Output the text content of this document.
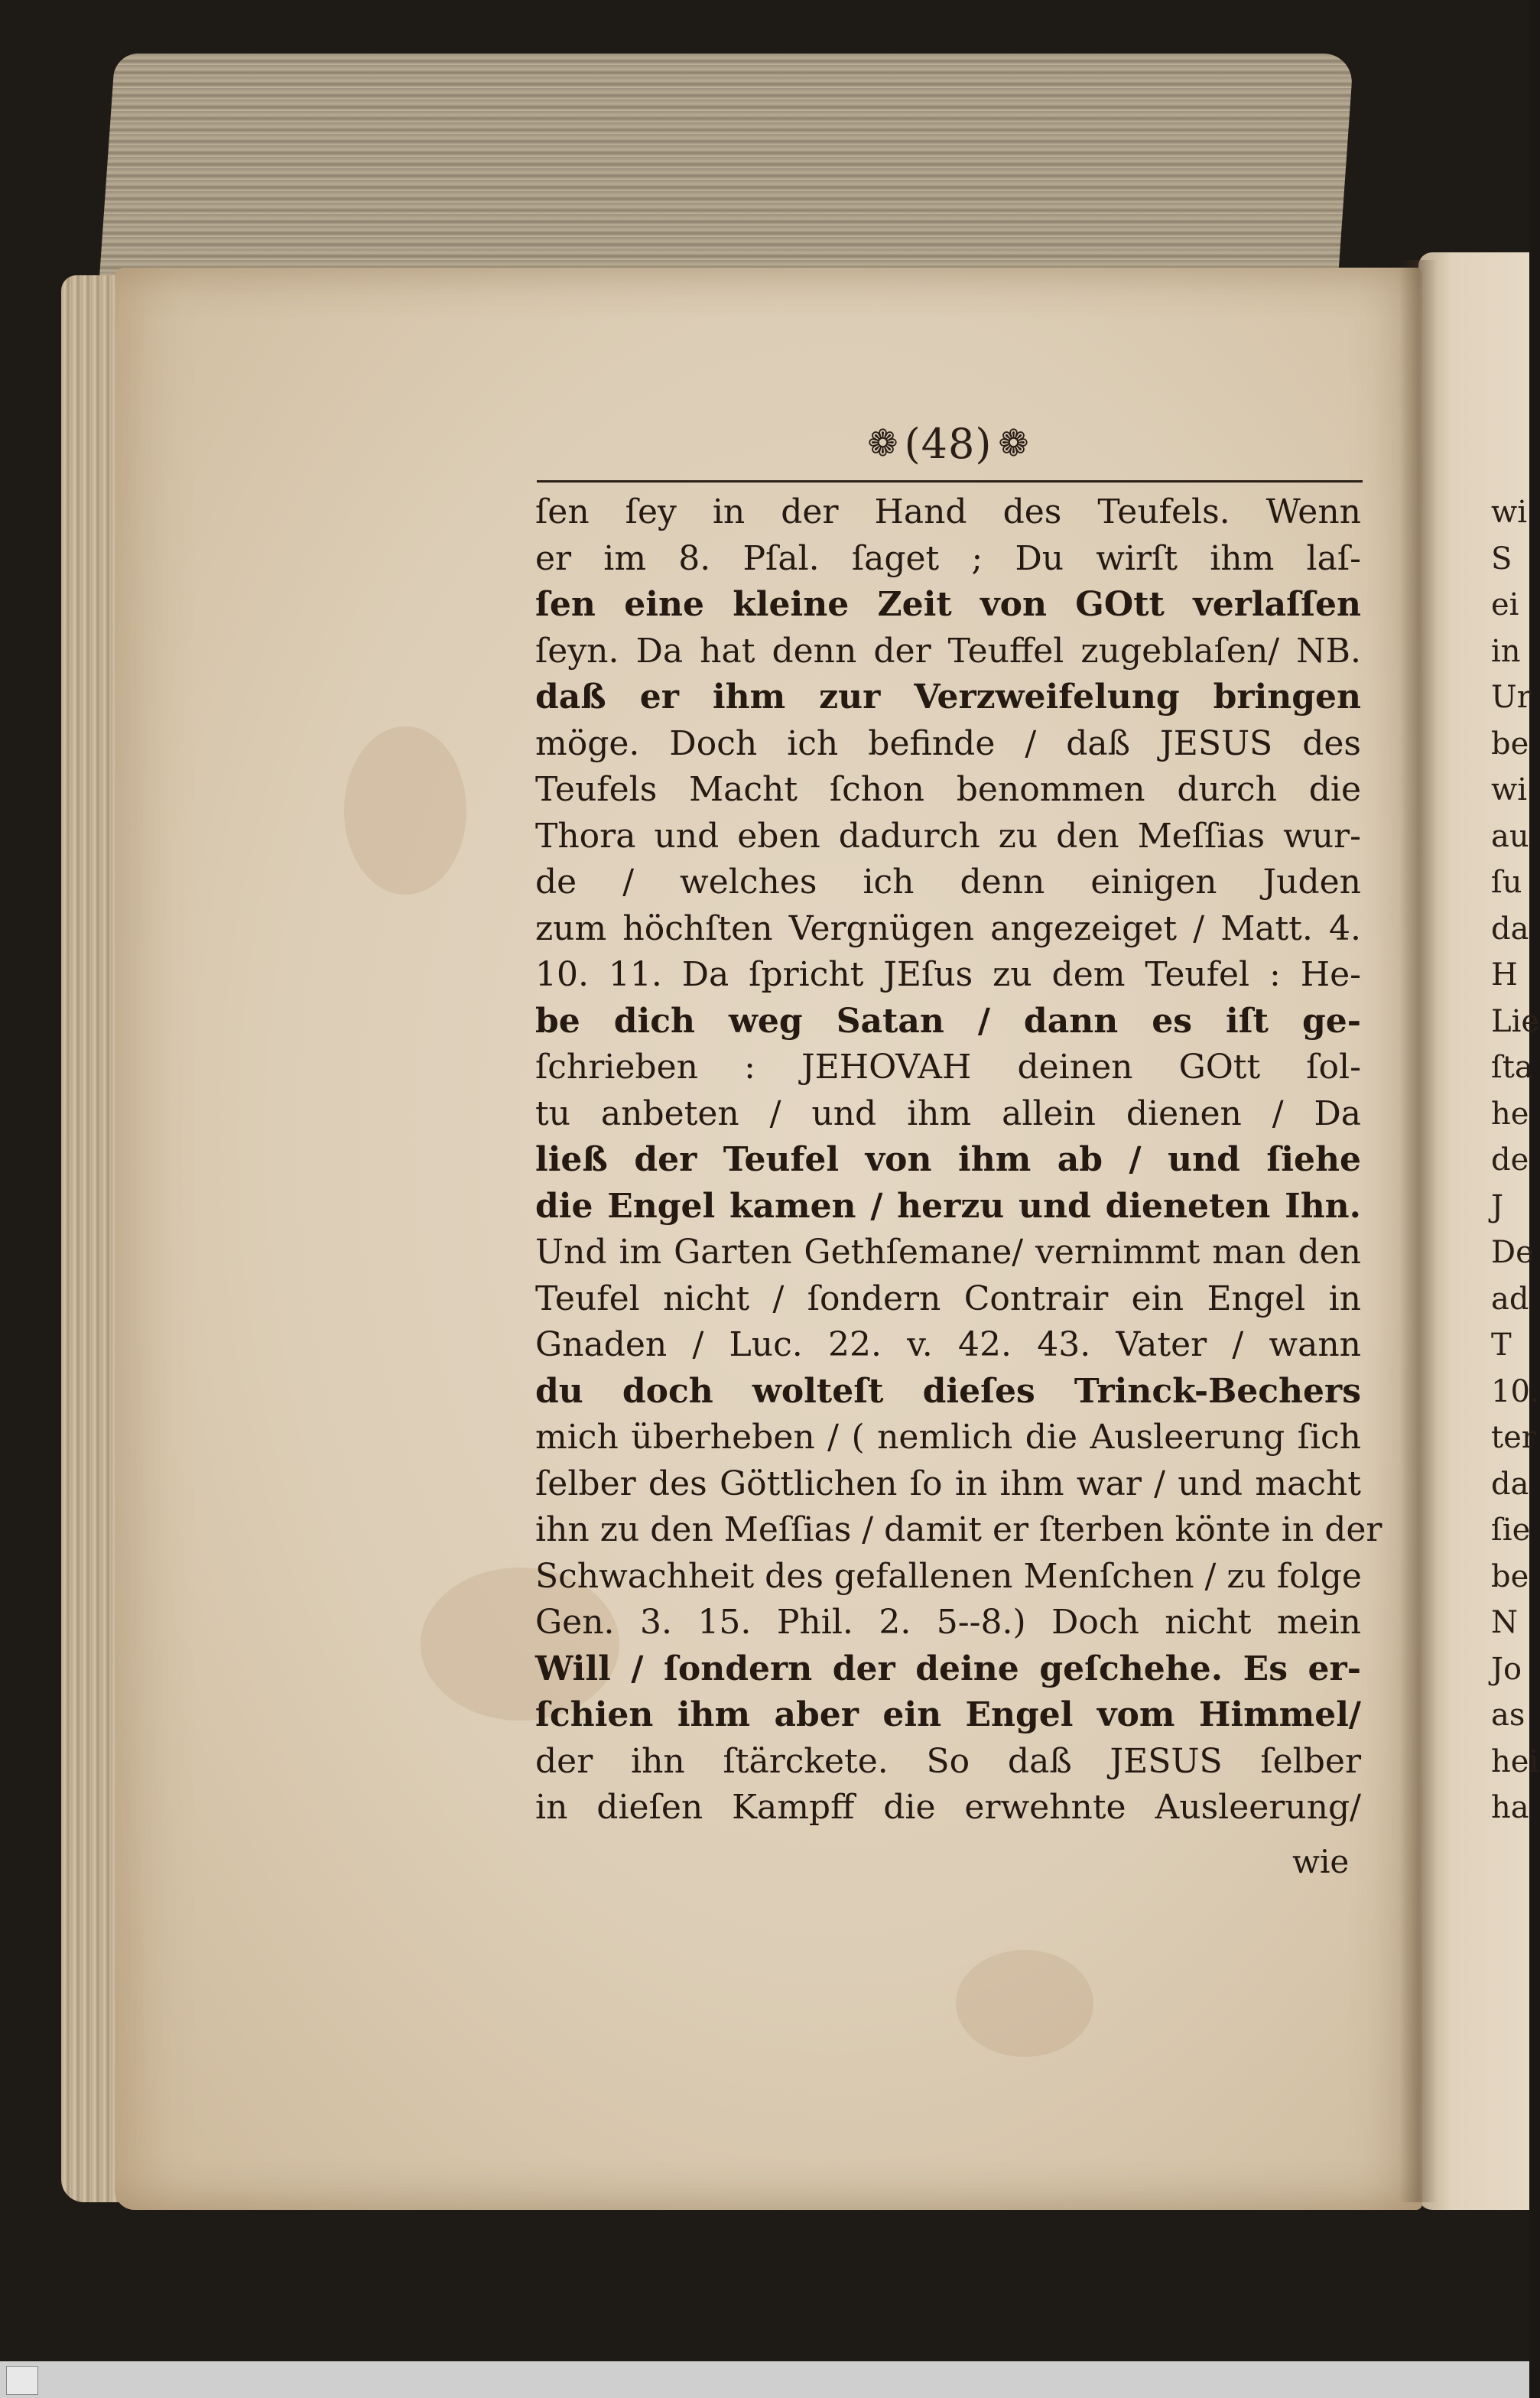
❁ (48) ❁
ſen ſey in der Hand des Teufels. Wenn
er im 8. Pſal. ſaget ; Du wirſt ihm laſ-
ſen eine kleine Zeit von GOtt verlaſſen
ſeyn. Da hat denn der Teuffel zugeblaſen/ NB.
daß er ihm zur Verzweifelung bringen
möge. Doch ich befinde / daß JESUS des
Teufels Macht ſchon benommen durch die
Thora und eben dadurch zu den Meſſias wur-
de / welches ich denn einigen Juden
zum höchſten Vergnügen angezeiget / Matt. 4.
10. 11. Da ſpricht JEſus zu dem Teufel : He-
be dich weg Satan / dann es iſt ge-
ſchrieben : JEHOVAH deinen GOtt ſol-
tu anbeten / und ihm allein dienen / Da
ließ der Teufel von ihm ab / und ſiehe
die Engel kamen / herzu und dieneten Ihn.
Und im Garten Gethſemane/ vernimmt man den
Teufel nicht / ſondern Contrair ein Engel in
Gnaden / Luc. 22. v. 42. 43. Vater / wann
du doch wolteſt dieſes Trinck-Bechers
mich überheben / ( nemlich die Ausleerung ſich
ſelber des Göttlichen ſo in ihm war / und macht
ihn zu den Meſſias / damit er ſterben könte in der
Schwachheit des gefallenen Menſchen / zu folge
Gen. 3. 15. Phil. 2. 5--8.) Doch nicht mein
Will / ſondern der deine geſchehe. Es er-
ſchien ihm aber ein Engel vom Himmel/
der ihn ſtärckete. So daß JESUS ſelber
in dieſen Kampff die erwehnte Ausleerung/
wie
wi
S
ei
in
Ur
be
wi
au
ſu
da
H
Lie
ſta
he
de
J
De
ad
T
10.
ter
da
ſie
be
N
Jo
as
hei
ha
